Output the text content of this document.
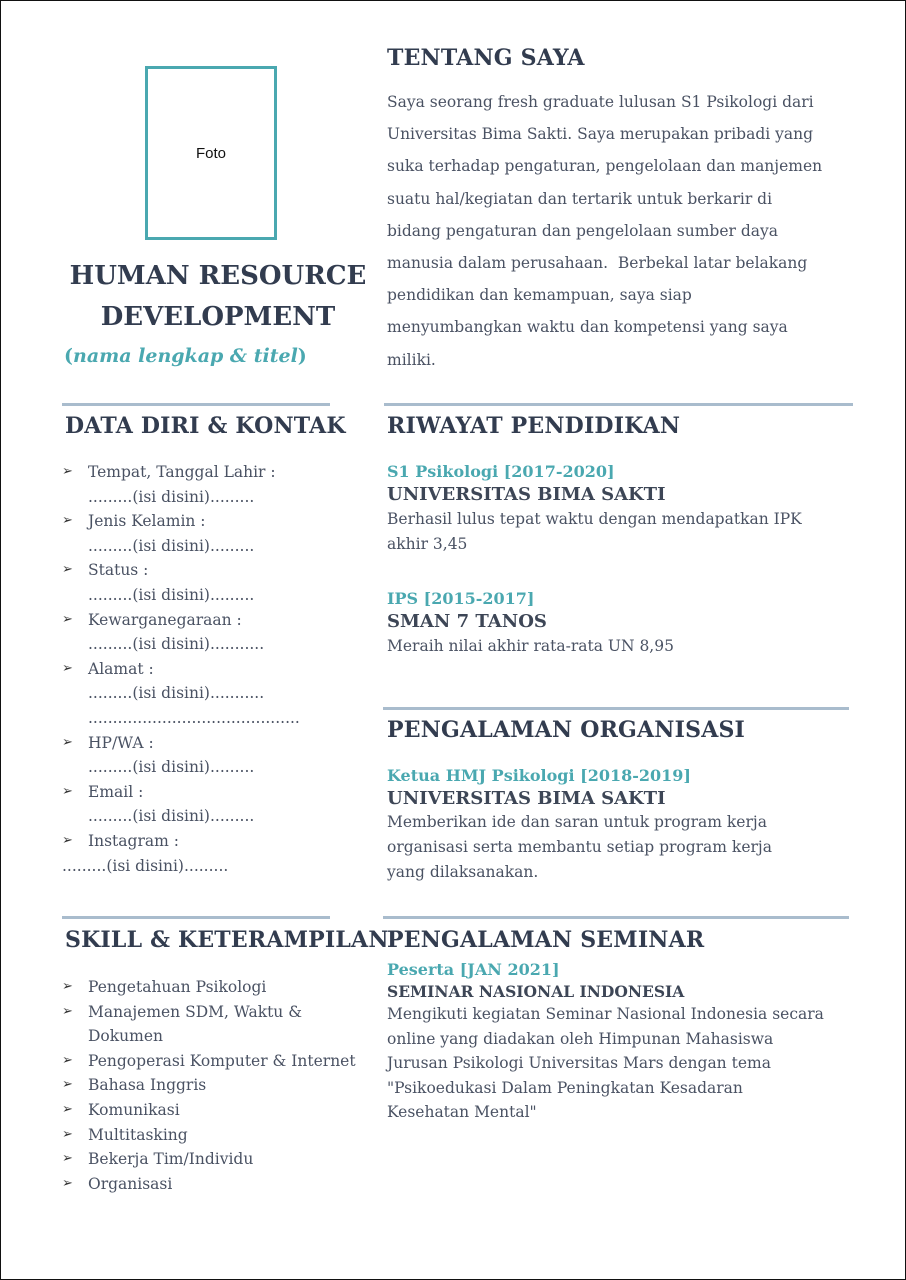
Foto
HUMAN RESOURCE
DEVELOPMENT
(nama lengkap & titel)
DATA DIRI & KONTAK
➢ Tempat, Tanggal Lahir :
.........(isi disini).........
➢ Jenis Kelamin :
.........(isi disini).........
➢ Status :
.........(isi disini).........
➢ Kewarganegaraan :
.........(isi disini)...........
➢ Alamat :
.........(isi disini)...........
...........................................
➢ HP/WA :
.........(isi disini).........
➢ Email :
.........(isi disini).........
➢ Instagram :
.........(isi disini).........
SKILL & KETERAMPILAN
➢ Pengetahuan Psikologi
➢ Manajemen SDM, Waktu &
Dokumen
➢ Pengoperasi Komputer & Internet
➢ Bahasa Inggris
➢ Komunikasi
➢ Multitasking
➢ Bekerja Tim/Individu
➢ Organisasi
TENTANG SAYA
Saya seorang fresh graduate lulusan S1 Psikologi dari
Universitas Bima Sakti. Saya merupakan pribadi yang
suka terhadap pengaturan, pengelolaan dan manjemen
suatu hal/kegiatan dan tertarik untuk berkarir di
bidang pengaturan dan pengelolaan sumber daya
manusia dalam perusahaan.  Berbekal latar belakang
pendidikan dan kemampuan, saya siap
menyumbangkan waktu dan kompetensi yang saya
miliki.
RIWAYAT PENDIDIKAN
S1 Psikologi [2017-2020]
UNIVERSITAS BIMA SAKTI
Berhasil lulus tepat waktu dengan mendapatkan IPK
akhir 3,45
IPS [2015-2017]
SMAN 7 TANOS
Meraih nilai akhir rata-rata UN 8,95
PENGALAMAN ORGANISASI
Ketua HMJ Psikologi [2018-2019]
UNIVERSITAS BIMA SAKTI
Memberikan ide dan saran untuk program kerja
organisasi serta membantu setiap program kerja
yang dilaksanakan.
PENGALAMAN SEMINAR
Peserta [JAN 2021]
SEMINAR NASIONAL INDONESIA
Mengikuti kegiatan Seminar Nasional Indonesia secara
online yang diadakan oleh Himpunan Mahasiswa
Jurusan Psikologi Universitas Mars dengan tema
"Psikoedukasi Dalam Peningkatan Kesadaran
Kesehatan Mental"
